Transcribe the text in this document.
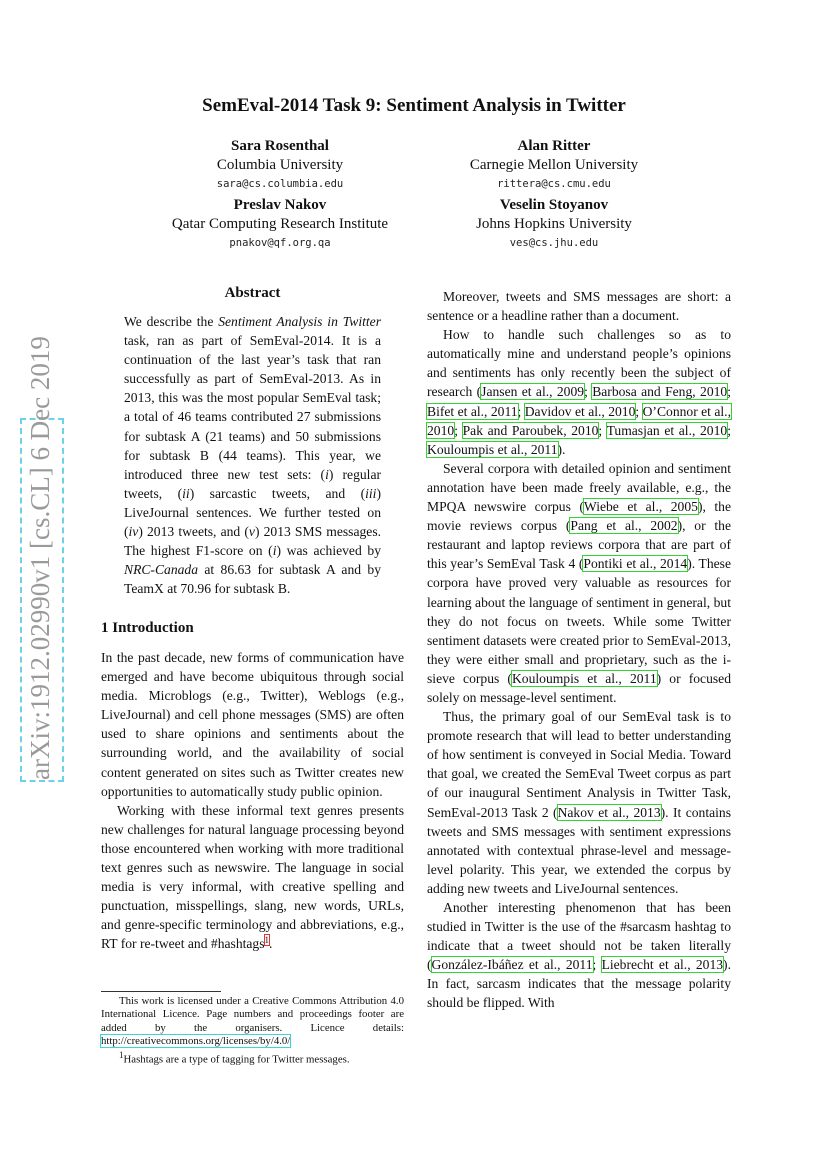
arXiv:1912.02990v1 [cs.CL] 6 Dec 2019
SemEval-2014 Task 9: Sentiment Analysis in Twitter
Sara Rosenthal
Columbia University
sara@cs.columbia.edu
Alan Ritter
Carnegie Mellon University
rittera@cs.cmu.edu
Preslav Nakov
Qatar Computing Research Institute
pnakov@qf.org.qa
Veselin Stoyanov
Johns Hopkins University
ves@cs.jhu.edu
Abstract
We describe the Sentiment Analysis in Twitter task, ran as part of SemEval-2014. It is a continuation of the last year’s task that ran successfully as part of SemEval-2013. As in 2013, this was the most popular SemEval task; a total of 46 teams contributed 27 submissions for subtask A (21 teams) and 50 submissions for subtask B (44 teams). This year, we introduced three new test sets: (i) regular tweets, (ii) sarcastic tweets, and (iii) LiveJournal sentences. We further tested on (iv) 2013 tweets, and (v) 2013 SMS messages. The highest F1-score on (i) was achieved by NRC-Canada at 86.63 for subtask A and by TeamX at 70.96 for subtask B.
1 Introduction

In the past decade, new forms of communication have emerged and have become ubiquitous through social media. Microblogs (e.g., Twitter), Weblogs (e.g., LiveJournal) and cell phone messages (SMS) are often used to share opinions and sentiments about the surrounding world, and the availability of social content generated on sites such as Twitter creates new opportunities to automatically study public opinion.

Working with these informal text genres presents new challenges for natural language processing beyond those encountered when working with more traditional text genres such as newswire. The language in social media is very informal, with creative spelling and punctuation, misspellings, slang, new words, URLs, and genre-specific terminology and abbreviations, e.g., RT for re-tweet and #hashtags$^1$.

This work is licensed under a Creative Commons Attribution 4.0 International Licence. Page numbers and proceedings footer are added by the organisers. Licence details: http://creativecommons.org/licenses/by/4.0/

$^1$Hashtags are a type of tagging for Twitter messages.

Moreover, tweets and SMS messages are short: a sentence or a headline rather than a document.

How to handle such challenges so as to automatically mine and understand people’s opinions and sentiments has only recently been the subject of research (Jansen et al., 2009; Barbosa and Feng, 2010; Bifet et al., 2011; Davidov et al., 2010; O’Connor et al., 2010; Pak and Paroubek, 2010; Tumasjan et al., 2010; Kouloumpis et al., 2011).

Several corpora with detailed opinion and sentiment annotation have been made freely available, e.g., the MPQA newswire corpus (Wiebe et al., 2005), the movie reviews corpus (Pang et al., 2002), or the restaurant and laptop reviews corpora that are part of this year’s SemEval Task 4 (Pontiki et al., 2014). These corpora have proved very valuable as resources for learning about the language of sentiment in general, but they do not focus on tweets. While some Twitter sentiment datasets were created prior to SemEval-2013, they were either small and proprietary, such as the i-sieve corpus (Kouloumpis et al., 2011) or focused solely on message-level sentiment.

Thus, the primary goal of our SemEval task is to promote research that will lead to better understanding of how sentiment is conveyed in Social Media. Toward that goal, we created the SemEval Tweet corpus as part of our inaugural Sentiment Analysis in Twitter Task, SemEval-2013 Task 2 (Nakov et al., 2013). It contains tweets and SMS messages with sentiment expressions annotated with contextual phrase-level and message-level polarity. This year, we extended the corpus by adding new tweets and LiveJournal sentences.

Another interesting phenomenon that has been studied in Twitter is the use of the #sarcasm hashtag to indicate that a tweet should not be taken literally (González-Ibáñez et al., 2011; Liebrecht et al., 2013). In fact, sarcasm indicates that the message polarity should be flipped. With
